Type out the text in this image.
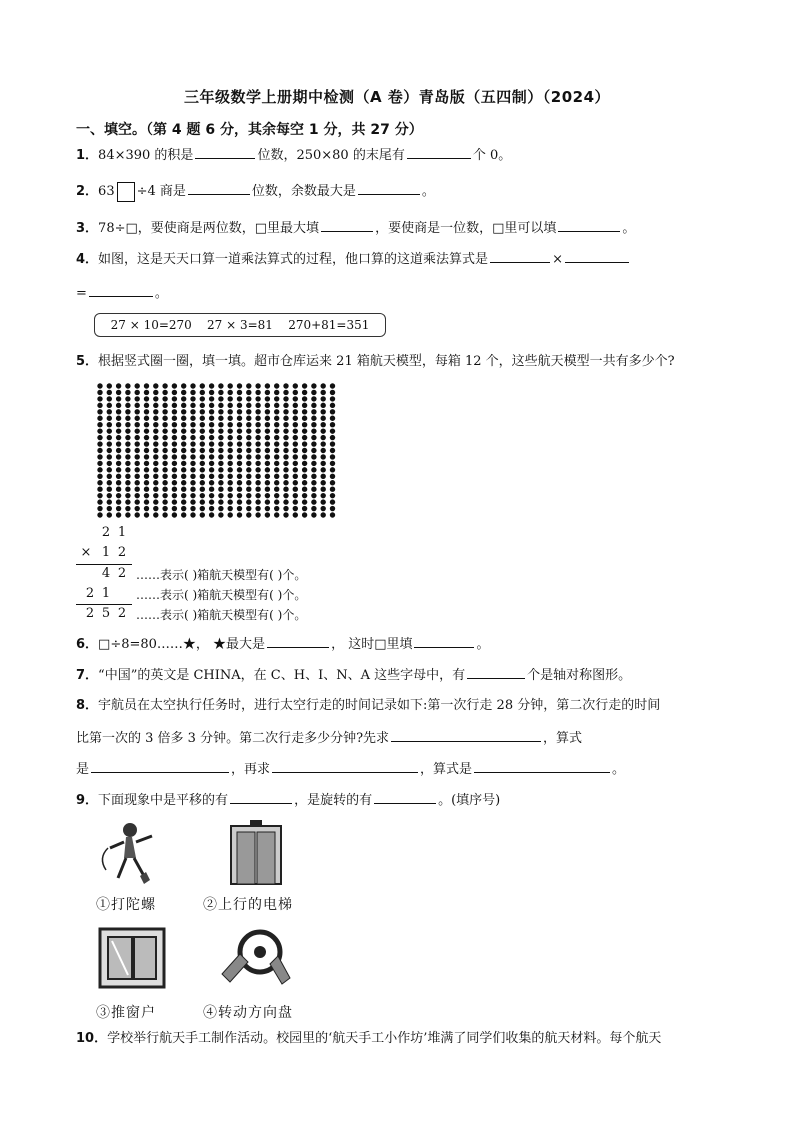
三年级数学上册期中检测（A 卷）青岛版（五四制）（2024）
一、填空。（第 4 题 6 分，其余每空 1 分，共 27 分）
1．84×390 的积是	位数，250×80 的末尾有	个 0。
2．63 ÷4 商是	位数，余数最大是	。
3．78÷□，要使商是两位数，□里最大填	，要使商是一位数，□里可以填	。
4．如图，这是天天口算一道乘法算式的过程，他口算的这道乘法算式是	×
=	。
27 × 10=270 27 × 3=81 270+81=351
5．根据竖式圈一圈，填一填。超市仓库运来 21 箱航天模型，每箱 12 个，这些航天模型一共有多少个?
2 1
× 1 2
4 2 ……表示( )箱航天模型有( )个。
2 1 ……表示( )箱航天模型有( )个。
2 5 2 ……表示( )箱航天模型有( )个。
6．□÷8=80……★， ★最大是	， 这时□里填	。
7．“中国”的英文是 CHINA，在 C、H、I、N、A 这些字母中，有	个是轴对称图形。
8．宇航员在太空执行任务时，进行太空行走的时间记录如下:第一次行走 28 分钟，第二次行走的时间
比第一次的 3 倍多 3 分钟。第二次行走多少分钟?先求	，算式
是	，再求	，算式是	。
9．下面现象中是平移的有	，是旋转的有	。(填序号)
①打陀螺	②上行的电梯
③推窗户	④转动方向盘
10．学校举行航天手工制作活动。校园里的‘航天手工小作坊’堆满了同学们收集的航天材料。每个航天
